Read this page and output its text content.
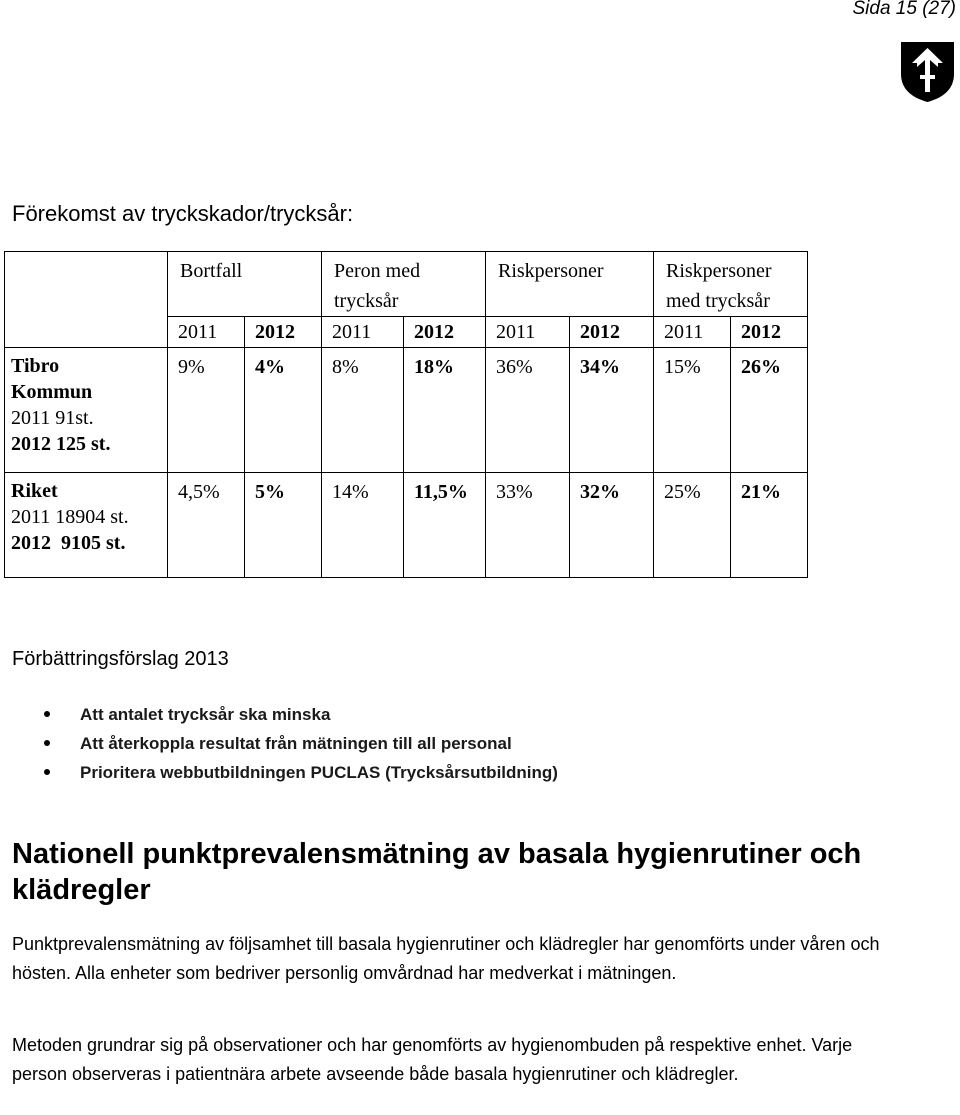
Sida 15 (27)
Förekomst av tryckskador/trycksår:
	Bortfall		Peron med trycksår		Riskpersoner		Riskpersoner med trycksår	
	2011	2012	2011	2012	2011	2012	2011	2012

Tibro
Kommun
2011 91st.
2012 125 st.	9%	4%	8%	18%	36%	34%	15%	26%

Riket
2011 18904 st.
2012  9105 st.	4,5%	5%	14%	11,5%	33%	32%	25%	21%
Förbättringsförslag 2013
Att antalet trycksår ska minska
Att återkoppla resultat från mätningen till all personal
Prioritera webbutbildningen PUCLAS (Trycksårsutbildning)
Nationell punktprevalensmätning av basala hygienrutiner och klädregler

Punktprevalensmätning av följsamhet till basala hygienrutiner och klädregler har genomförts under våren och hösten. Alla enheter som bedriver personlig omvårdnad har medverkat i mätningen.

Metoden grundrar sig på observationer och har genomförts av hygienombuden på respektive enhet. Varje person observeras i patientnära arbete avseende både basala hygienrutiner och klädregler.
